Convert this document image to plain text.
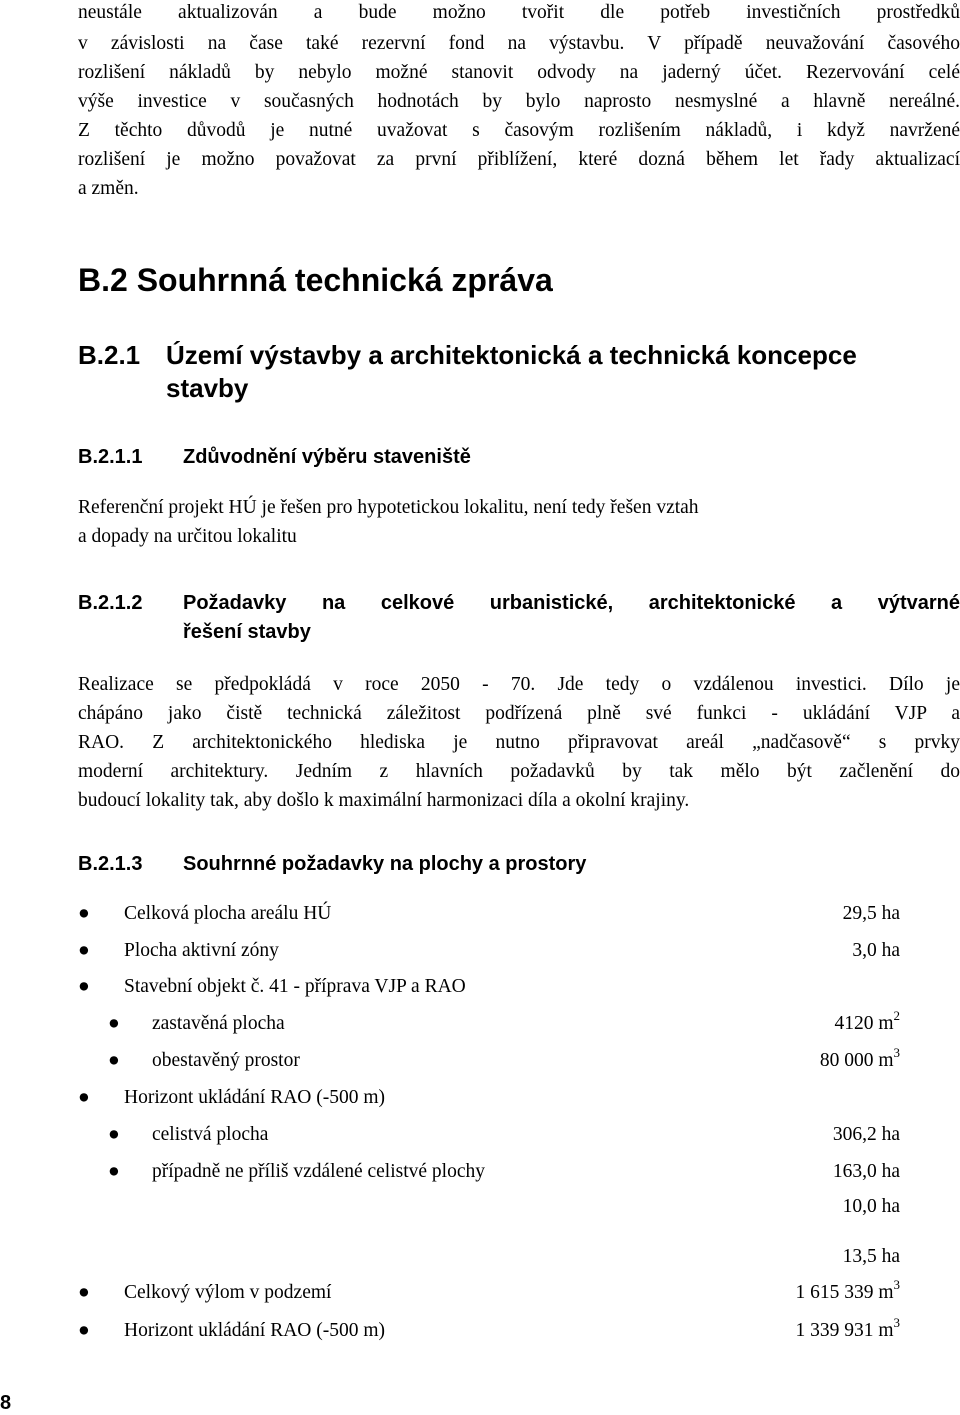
neustále aktualizován a bude možno tvořit dle potřeb investičních prostředků
v závislosti na čase také rezervní fond na výstavbu. V případě neuvažování časového
rozlišení nákladů by nebylo možné stanovit odvody na jaderný účet. Rezervování celé
výše investice v současných hodnotách by bylo naprosto nesmyslné a hlavně nereálné.
Z těchto důvodů je nutné uvažovat s časovým rozlišením nákladů, i když navržené
rozlišení je možno považovat za první přiblížení, které dozná během let řady aktualizací
a změn.
B.2 Souhrnná technická zpráva
B.2.1 Území výstavby a architektonická a technická koncepce
stavby
B.2.1.1 Zdůvodnění výběru staveniště
Referenční projekt HÚ je řešen pro hypotetickou lokalitu, není tedy řešen vztah
a dopady na určitou lokalitu
B.2.1.2 Požadavky na celkové urbanistické, architektonické a výtvarné
řešení stavby
Realizace se předpokládá v roce 2050 - 70. Jde tedy o vzdálenou investici. Dílo je
chápáno jako čistě technická záležitost podřízená plně své funkci - ukládání VJP a
RAO. Z architektonického hlediska je nutno připravovat areál „nadčasově“ s prvky
moderní architektury. Jedním z hlavních požadavků by tak mělo být začlenění do
budoucí lokality tak, aby došlo k maximální harmonizaci díla a okolní krajiny.
B.2.1.3 Souhrnné požadavky na plochy a prostory
● Celková plocha areálu HÚ	29,5 ha
● Plocha aktivní zóny	3,0 ha
● Stavební objekt č. 41 - příprava VJP a RAO
● zastavěná plocha	4120 $m^2$
● obestavěný prostor	80 000 $m^3$
● Horizont ukládání RAO (-500 m)
● celistvá plocha	306,2 ha
● případně ne příliš vzdálené celistvé plochy	163,0 ha
10,0 ha
13,5 ha
● Celkový výlom v podzemí	1 615 339 $m^3$
● Horizont ukládání RAO (-500 m)	1 339 931 $m^3$
8
